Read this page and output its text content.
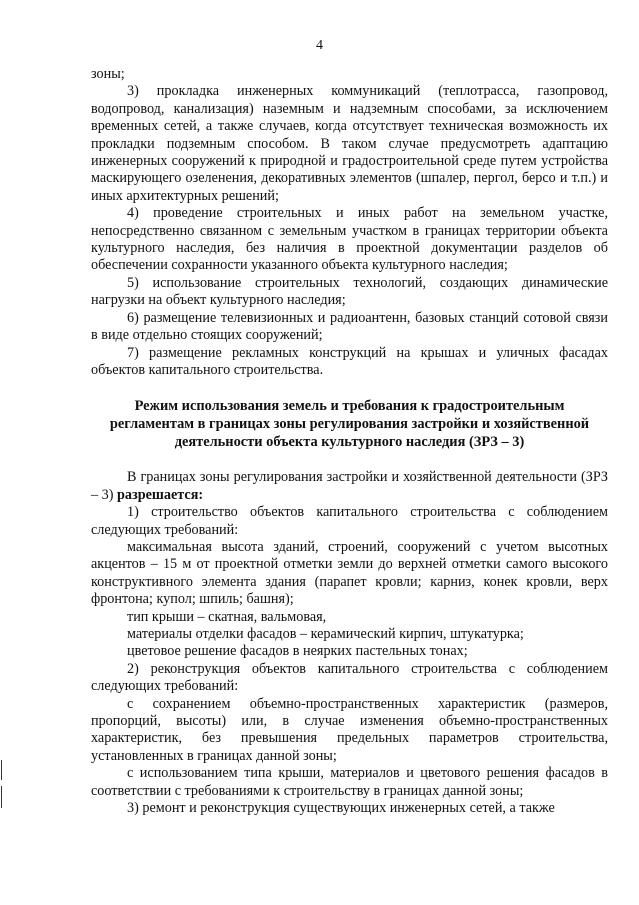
4

зоны;

3) прокладка инженерных коммуникаций (теплотрасса, газопровод, водопровод, канализация) наземным и надземным способами, за исключением временных сетей, а также случаев, когда отсутствует техническая возможность их прокладки подземным способом. В таком случае предусмотреть адаптацию инженерных сооружений к природной и градостроительной среде путем устройства маскирующего озеленения, декоративных элементов (шпалер, пергол, берсо и т.п.) и иных архитектурных решений;

4) проведение строительных и иных работ на земельном участке, непосредственно связанном с земельным участком в границах территории объекта культурного наследия, без наличия в проектной документации разделов об обеспечении сохранности указанного объекта культурного наследия;

5) использование строительных технологий, создающих динамические нагрузки на объект культурного наследия;

6) размещение телевизионных и радиоантенн, базовых станций сотовой связи в виде отдельно стоящих сооружений;

7) размещение рекламных конструкций на крышах и уличных фасадах объектов капитального строительства.

Режим использования земель и требования к градостроительным
регламентам в границах зоны регулирования застройки и хозяйственной
деятельности объекта культурного наследия (ЗРЗ – 3)

В границах зоны регулирования застройки и хозяйственной деятельности (ЗРЗ – 3) разрешается:

1) строительство объектов капитального строительства с соблюдением следующих требований:

максимальная высота зданий, строений, сооружений с учетом высотных акцентов – 15 м от проектной отметки земли до верхней отметки самого высокого конструктивного элемента здания (парапет кровли; карниз, конек кровли, верх фронтона; купол; шпиль; башня);

тип крыши – скатная, вальмовая,

материалы отделки фасадов – керамический кирпич, штукатурка;

цветовое решение фасадов в неярких пастельных тонах;

2) реконструкция объектов капитального строительства с соблюдением следующих требований:

с сохранением объемно-пространственных характеристик (размеров, пропорций, высоты) или, в случае изменения объемно-пространственных характеристик, без превышения предельных параметров строительства, установленных в границах данной зоны;

с использованием типа крыши, материалов и цветового решения фасадов в соответствии с требованиями к строительству в границах данной зоны;

3) ремонт и реконструкция существующих инженерных сетей, а также
